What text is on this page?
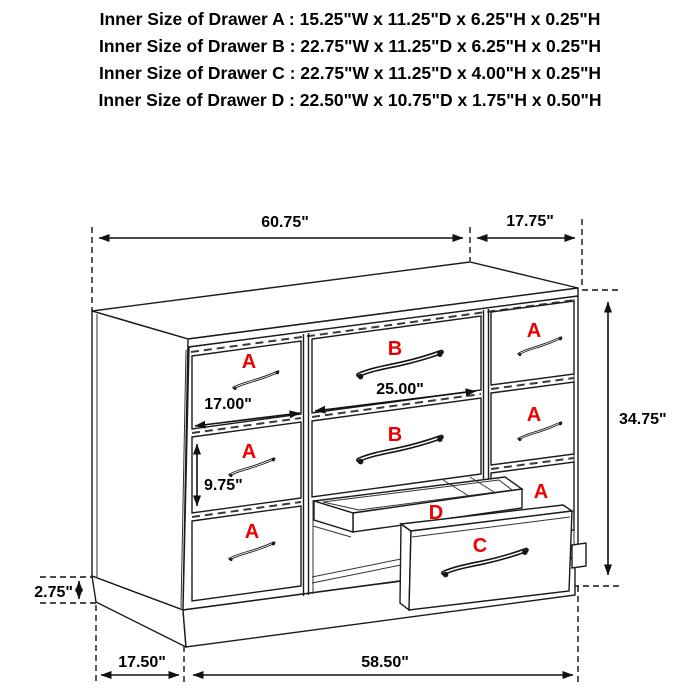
A
A
A
B
B
A
A
A
D
C
60.75"	17.75"
34.75"
17.00"
25.00"
9.75"
2.75"
17.50"	58.50"
Inner Size of Drawer A : 15.25"W x 11.25"D x 6.25"H x 0.25"H
Inner Size of Drawer B : 22.75"W x 11.25"D x 6.25"H x 0.25"H
Inner Size of Drawer C : 22.75"W x 11.25"D x 4.00"H x 0.25"H
Inner Size of Drawer D : 22.50"W x 10.75"D x 1.75"H x 0.50"H
